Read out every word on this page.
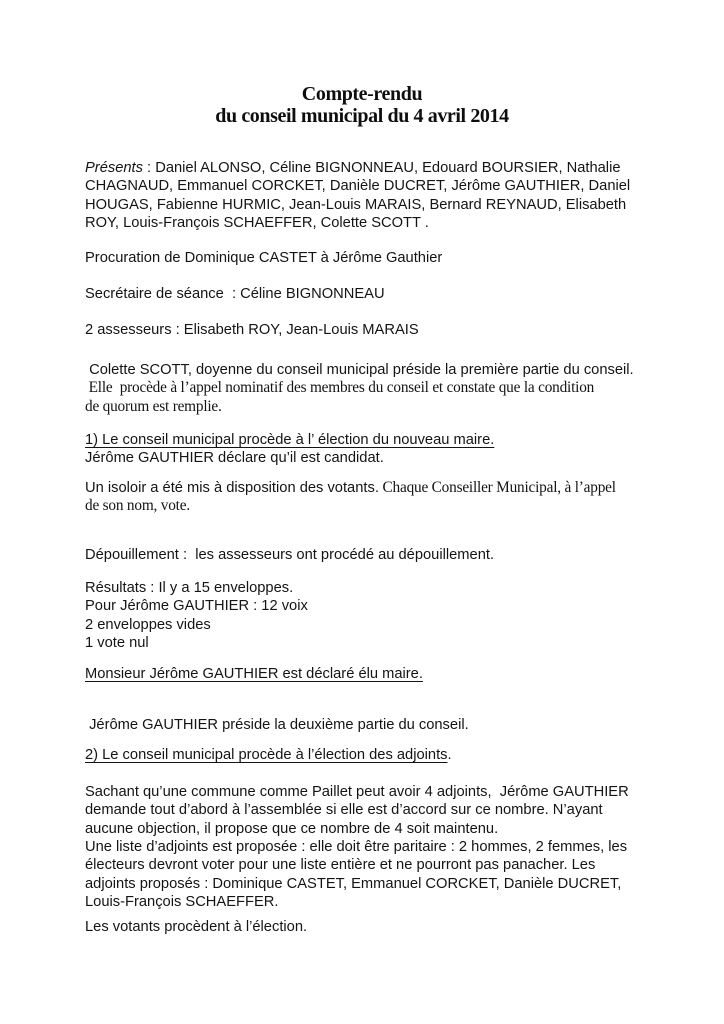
Compte-rendu
du conseil municipal du 4 avril 2014
Présents : Daniel ALONSO, Céline BIGNONNEAU, Edouard BOURSIER, Nathalie
CHAGNAUD, Emmanuel CORCKET, Danièle DUCRET, Jérôme GAUTHIER, Daniel
HOUGAS, Fabienne HURMIC, Jean-Louis MARAIS, Bernard REYNAUD, Elisabeth
ROY, Louis-François SCHAEFFER, Colette SCOTT .
Procuration de Dominique CASTET à Jérôme Gauthier
Secrétaire de séance  : Céline BIGNONNEAU
2 assesseurs : Elisabeth ROY, Jean-Louis MARAIS
Colette SCOTT, doyenne du conseil municipal préside la première partie du conseil.
Elle  procède à l’appel nominatif des membres du conseil et constate que la condition
de quorum est remplie.
1) Le conseil municipal procède à l’ élection du nouveau maire.
Jérôme GAUTHIER déclare qu’il est candidat.
Un isoloir a été mis à disposition des votants. Chaque Conseiller Municipal, à l’appel
de son nom, vote.
Dépouillement :  les assesseurs ont procédé au dépouillement.
Résultats : Il y a 15 enveloppes.
Pour Jérôme GAUTHIER : 12 voix
2 enveloppes vides
1 vote nul
Monsieur Jérôme GAUTHIER est déclaré élu maire.
Jérôme GAUTHIER préside la deuxième partie du conseil.
2) Le conseil municipal procède à l’élection des adjoints.
Sachant qu’une commune comme Paillet peut avoir 4 adjoints,  Jérôme GAUTHIER
demande tout d’abord à l’assemblée si elle est d’accord sur ce nombre. N’ayant
aucune objection, il propose que ce nombre de 4 soit maintenu.
Une liste d’adjoints est proposée : elle doit être paritaire : 2 hommes, 2 femmes, les
électeurs devront voter pour une liste entière et ne pourront pas panacher. Les
adjoints proposés : Dominique CASTET, Emmanuel CORCKET, Danièle DUCRET,
Louis-François SCHAEFFER.
Les votants procèdent à l’élection.
